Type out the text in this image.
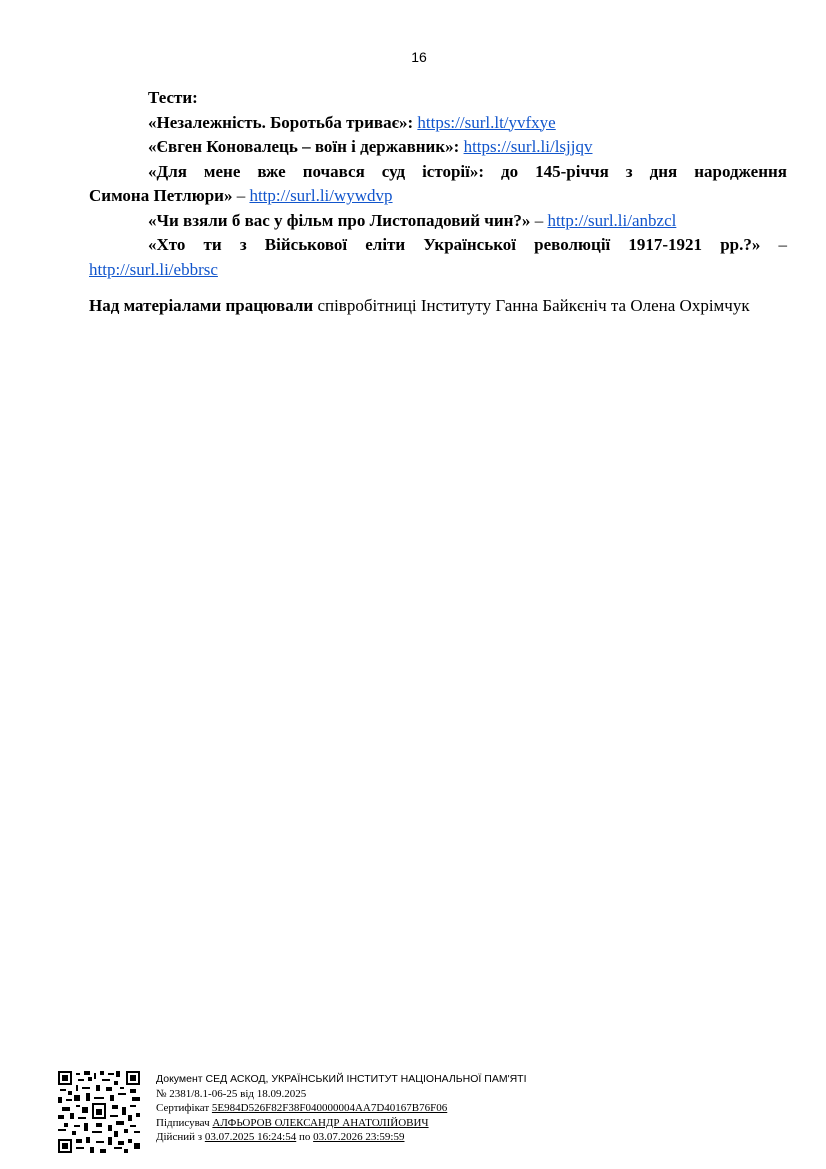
16
Тести:
«Незалежність. Боротьба триває»: https://surl.lt/yvfxye
«Євген Коновалець – воїн і державник»: https://surl.li/lsjjqv
«Для мене вже почався суд історії»: до 145-річчя з дня народження
Симона Петлюри» – http://surl.li/wywdvp
«Чи взяли б вас у фільм про Листопадовий чин?» – http://surl.li/anbzcl
«Хто ти з Військової еліти Української революції 1917-1921 рр.?» –
http://surl.li/ebbrsc
Над матеріалами працювали співробітниці Інституту Ганна Байкєніч та Олена Охрімчук
Документ СЕД АСКОД, УКРАЇНСЬКИЙ ІНСТИТУТ НАЦІОНАЛЬНОЇ ПАМ'ЯТІ
№ 2381/8.1-06-25 від 18.09.2025
Сертифікат 5E984D526F82F38F040000004AA7D40167B76F06
Підписувач АЛФЬОРОВ ОЛЕКСАНДР АНАТОЛІЙОВИЧ
Дійсний з 03.07.2025 16:24:54 по 03.07.2026 23:59:59
